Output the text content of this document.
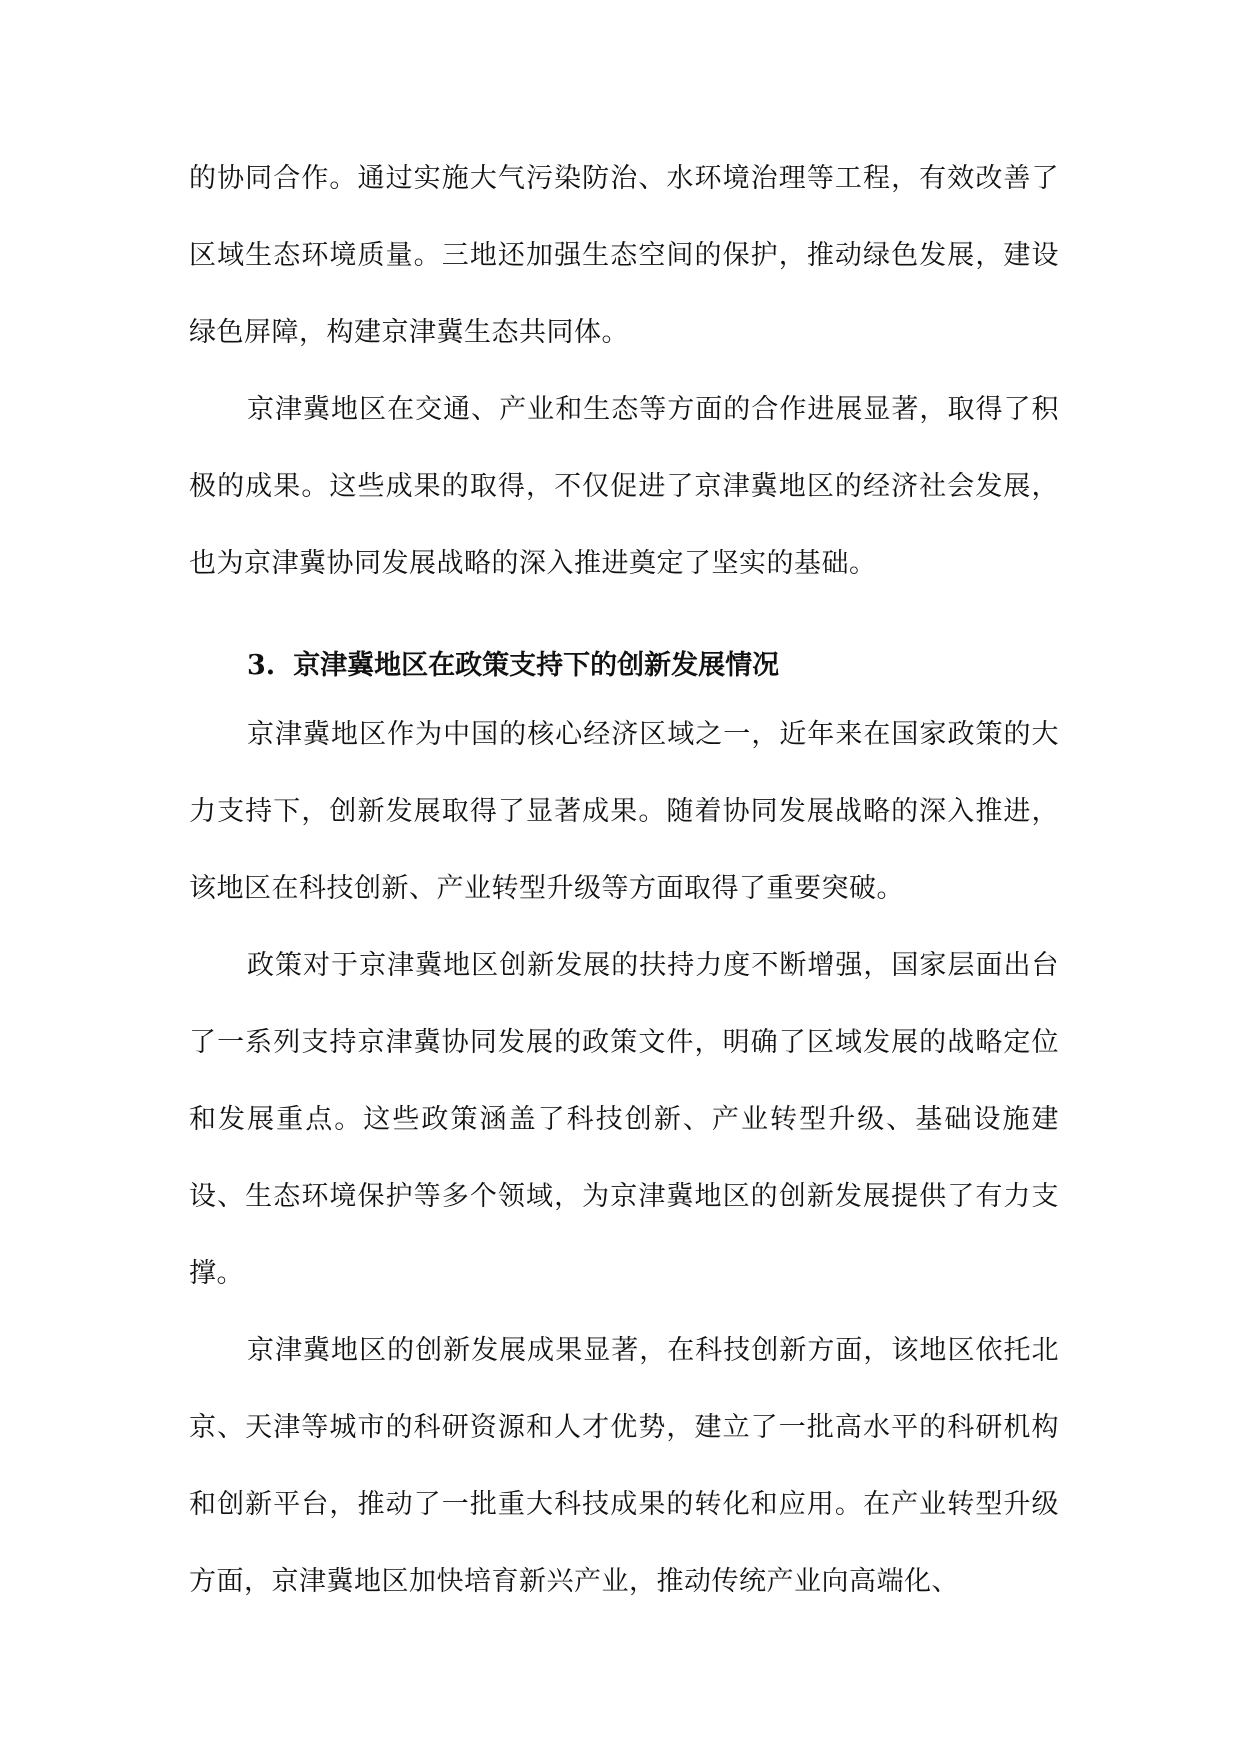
的协同合作。通过实施大气污染防治、水环境治理等工程，有效改善了区域生态环境质量。三地还加强生态空间的保护，推动绿色发展，建设绿色屏障，构建京津冀生态共同体。

京津冀地区在交通、产业和生态等方面的合作进展显著，取得了积极的成果。这些成果的取得，不仅促进了京津冀地区的经济社会发展，也为京津冀协同发展战略的深入推进奠定了坚实的基础。

3. 京津冀地区在政策支持下的创新发展情况

京津冀地区作为中国的核心经济区域之一，近年来在国家政策的大力支持下，创新发展取得了显著成果。随着协同发展战略的深入推进，该地区在科技创新、产业转型升级等方面取得了重要突破。

政策对于京津冀地区创新发展的扶持力度不断增强，国家层面出台了一系列支持京津冀协同发展的政策文件，明确了区域发展的战略定位和发展重点。这些政策涵盖了科技创新、产业转型升级、基础设施建设、生态环境保护等多个领域，为京津冀地区的创新发展提供了有力支撑。

京津冀地区的创新发展成果显著，在科技创新方面，该地区依托北京、天津等城市的科研资源和人才优势，建立了一批高水平的科研机构和创新平台，推动了一批重大科技成果的转化和应用。在产业转型升级方面，京津冀地区加快培育新兴产业，推动传统产业向高端化、
